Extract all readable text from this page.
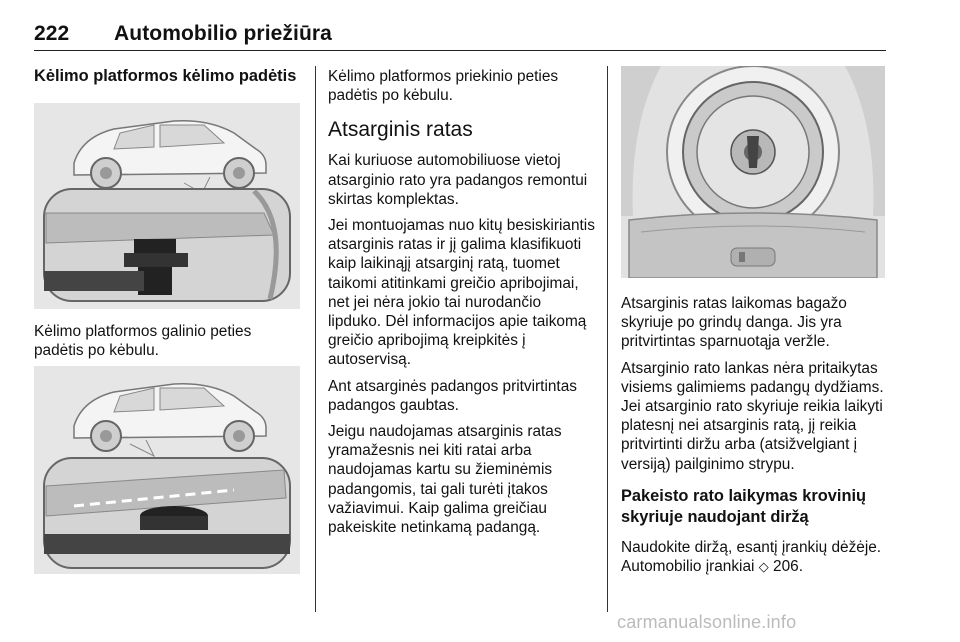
222 Automobilio priežiūra
Kėlimo platformos kėlimo padėtis

Kėlimo platformos galinio peties padėtis po kėbulu.

Kėlimo platformos priekinio peties padėtis po kėbulu.

Atsarginis ratas

Kai kuriuose automobiliuose vietoj atsarginio rato yra padangos remontui skirtas komplektas.

Jei montuojamas nuo kitų besiskiriantis atsarginis ratas ir jį galima klasifikuoti kaip laikinąjį atsarginį ratą, tuomet taikomi atitinkami greičio apribojimai, net jei nėra jokio tai nurodančio lipduko. Dėl informacijos apie taikomą greičio apribojimą kreipkitės į autoservisą.

Ant atsarginės padangos pritvirtintas padangos gaubtas.

Jeigu naudojamas atsarginis ratas yramažesnis nei kiti ratai arba naudojamas kartu su žieminėmis padangomis, tai gali turėti įtakos važiavimui. Kaip galima greičiau pakeiskite netinkamą padangą.

Atsarginis ratas laikomas bagažo skyriuje po grindų danga. Jis yra pritvirtintas sparnuotąja veržle.

Atsarginio rato lankas nėra pritaikytas visiems galimiems padangų dydžiams. Jei atsarginio rato skyriuje reikia laikyti platesnį nei atsarginis ratą, jį reikia pritvirtinti diržu arba (atsižvelgiant į versiją) pailginimo strypu.

Pakeisto rato laikymas krovinių skyriuje naudojant diržą

Naudokite diržą, esantį įrankių dėžėje. Automobilio įrankiai ◇ 206.

carmanualsonline.info
